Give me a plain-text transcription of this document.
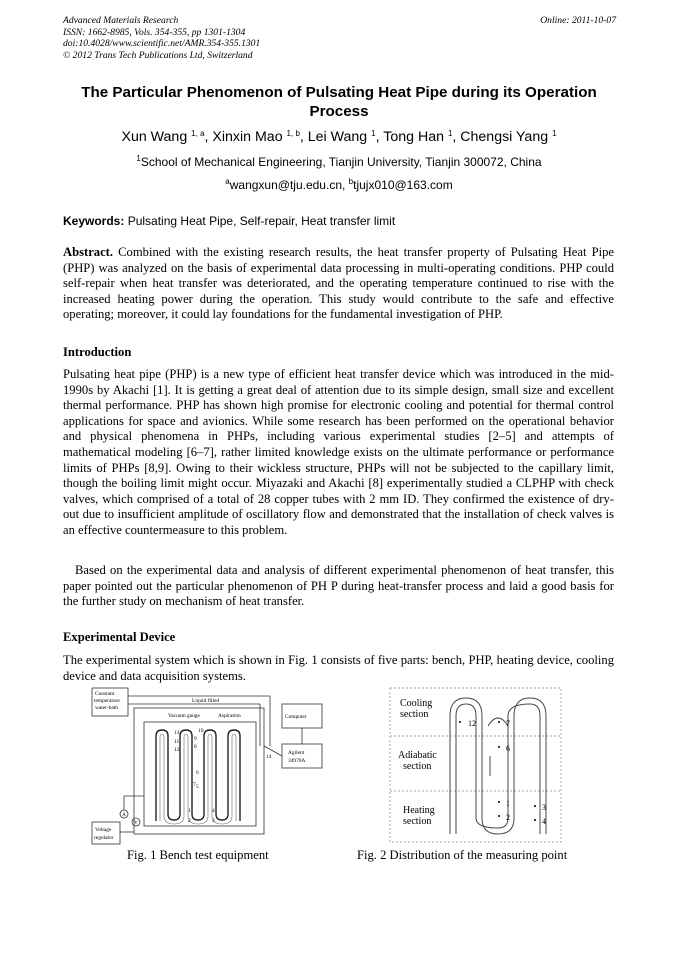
Advanced Materials Research
ISSN: 1662-8985, Vols. 354-355, pp 1301-1304
doi:10.4028/www.scientific.net/AMR.354-355.1301
© 2012 Trans Tech Publications Ltd, Switzerland
Online: 2011-10-07
The Particular Phenomenon of Pulsating Heat Pipe during its Operation Process
Xun Wang $^{1, a}$, Xinxin Mao $^{1, b}$, Lei Wang $^1$, Tong Han $^1$, Chengsi Yang $^1$
$^1$School of Mechanical Engineering, Tianjin University, Tianjin 300072, China
$^a$wangxun@tju.edu.cn, $^b$tjujx010@163.com
Keywords: Pulsating Heat Pipe, Self-repair, Heat transfer limit

Abstract. Combined with the existing research results, the heat transfer property of Pulsating Heat Pipe (PHP) was analyzed on the basis of experimental data processing in multi-operating conditions. PHP could self-repair when heat transfer was deteriorated, and the operating temperature continued to rise with the increased heating power during the operation. This study would contribute to the safe and effective operating; moreover, it could lay foundations for the fundamental investigation of PHP.

Introduction

Pulsating heat pipe (PHP) is a new type of efficient heat transfer device which was introduced in the mid-1990s by Akachi [1]. It is getting a great deal of attention due to its simple design, small size and excellent thermal performance. PHP has shown high promise for electronic cooling and potential for thermal control applications for space and avionics. While some research has been performed on the operational behavior and physical phenomena in PHPs, including various experimental studies [2–5] and attempts of mathematical modeling [6–7], rather limited knowledge exists on the ultimate performance or performance limits of PHPs [8,9]. Owing to their wickless structure, PHPs will not be subjected to the capillary limit, though the boiling limit might occur. Miyazaki and Akachi [8] experimentally studied a CLPHP with check valves, which comprised of a total of 28 copper tubes with 2 mm ID. They confirmed the existence of dry-out due to insufficient amplitude of oscillatory flow and demonstrated that the installation of check valves is an effective countermeasure to this problem.

Based on the experimental data and analysis of different experimental phenomenon of heat transfer, this paper pointed out the particular phenomenon of PH P during heat-transfer process and laid a good basis for the further study on mechanism of heat transfer.

Experimental Device

The experimental system which is shown in Fig. 1 consists of five parts: bench, PHP, heating device, cooling device and data acquisition systems.

Constant
temperature
water-bath
Liquid filled
Vacuum gauge	Aspiration	Computer
Agilent
34970A
Voltage
regulator
14
13	10
9
11
8
12
6
5
7
1	4
2	3
A
V
Fig. 1 Bench test equipment
Cooling
section
Adiabatic
section
Heating
section
12	7
6
1
2
3
4
Fig. 2 Distribution of the measuring point
